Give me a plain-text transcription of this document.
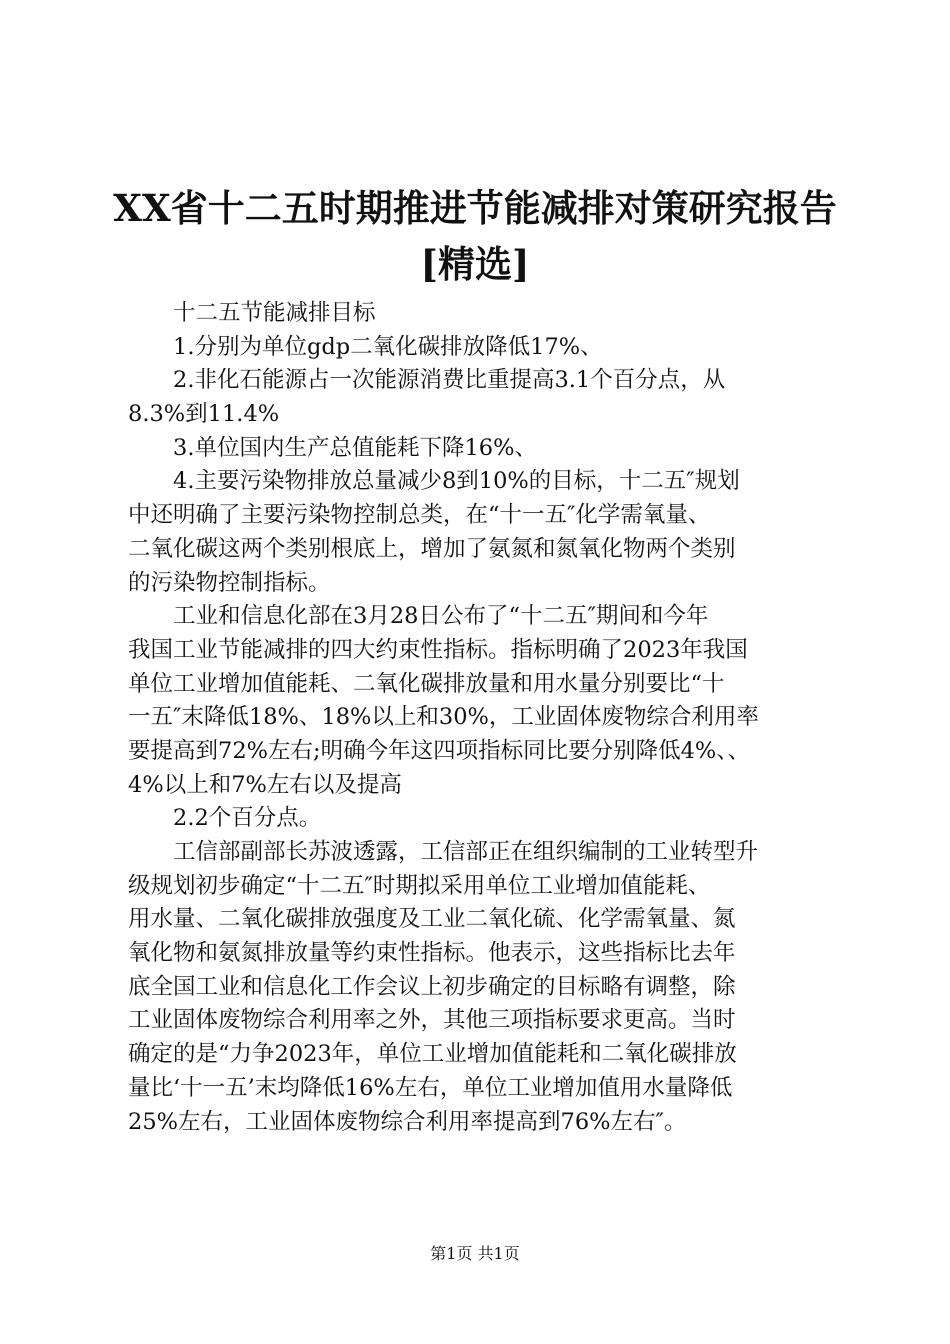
XX省十二五时期推进节能减排对策研究报告
[精选]
　　十二五节能减排目标
　　1.分别为单位gdp二氧化碳排放降低17%、
　　2.非化石能源占一次能源消费比重提高3.1个百分点，从
8.3%到11.4%
　　3.单位国内生产总值能耗下降16%、
　　4.主要污染物排放总量减少8到10%的目标，十二五″规划
中还明确了主要污染物控制总类，在“十一五″化学需氧量、
二氧化碳这两个类别根底上，增加了氨氮和氮氧化物两个类别
的污染物控制指标。
　　工业和信息化部在3月28日公布了“十二五″期间和今年
我国工业节能减排的四大约束性指标。指标明确了2023年我国
单位工业增加值能耗、二氧化碳排放量和用水量分别要比“十
一五″末降低18%、18%以上和30%，工业固体废物综合利用率
要提高到72%左右;明确今年这四项指标同比要分别降低4%、、
4%以上和7%左右以及提高
　　2.2个百分点。
　　工信部副部长苏波透露，工信部正在组织编制的工业转型升
级规划初步确定“十二五″时期拟采用单位工业增加值能耗、
用水量、二氧化碳排放强度及工业二氧化硫、化学需氧量、氮
氧化物和氨氮排放量等约束性指标。他表示，这些指标比去年
底全国工业和信息化工作会议上初步确定的目标略有调整，除
工业固体废物综合利用率之外，其他三项指标要求更高。当时
确定的是“力争2023年，单位工业增加值能耗和二氧化碳排放
量比‘十一五’末均降低16%左右，单位工业增加值用水量降低
25%左右，工业固体废物综合利用率提高到76%左右″。
第1页 共1页
